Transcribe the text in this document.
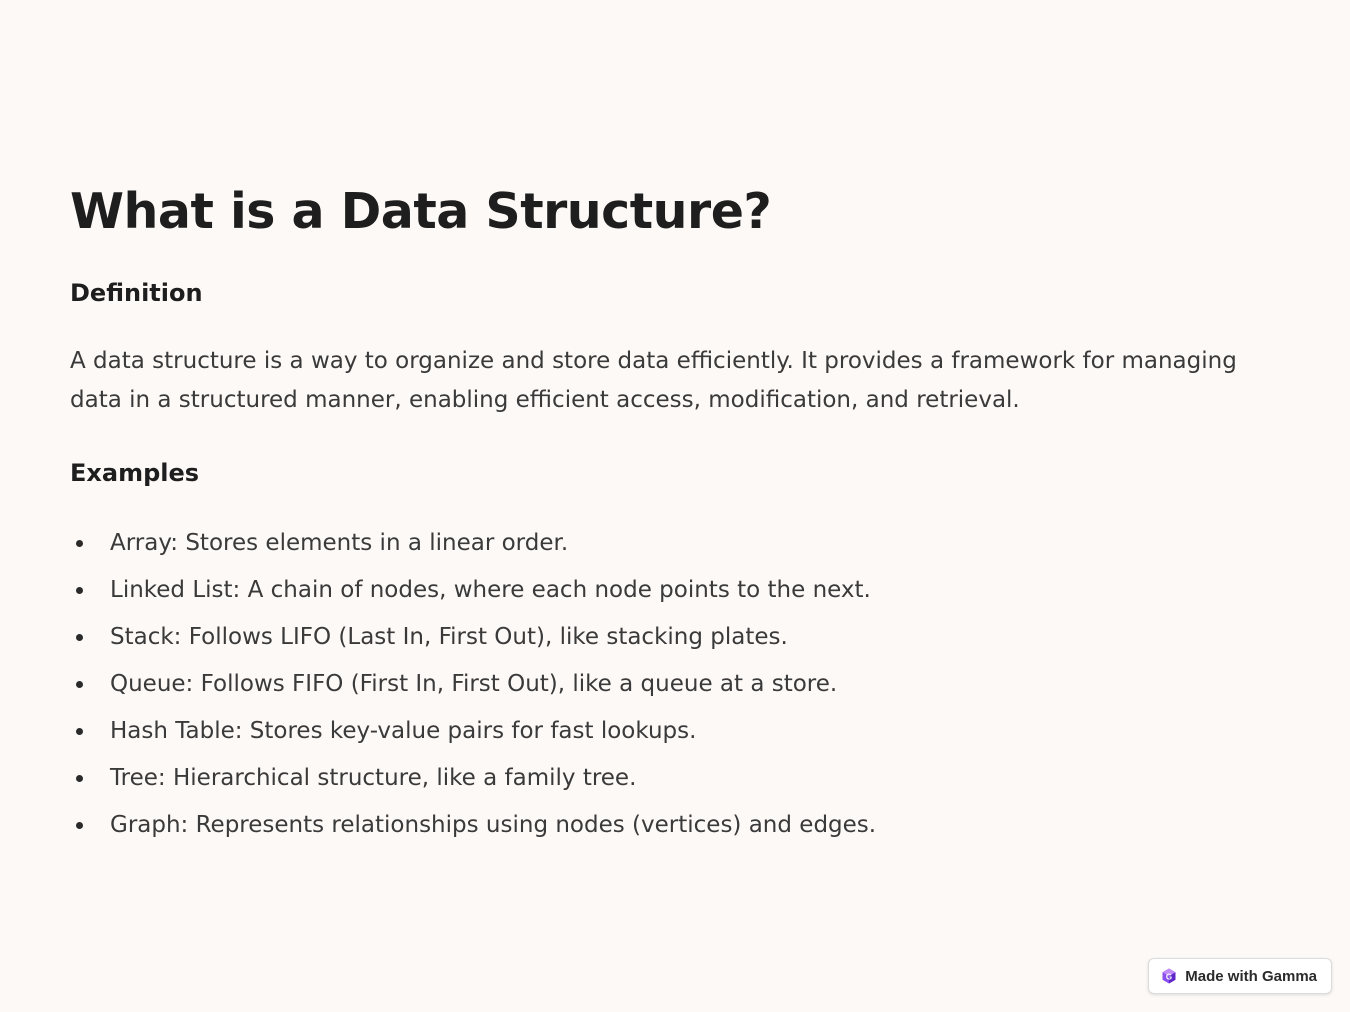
What is a Data Structure?
Definition

A data structure is a way to organize and store data efficiently. It provides a framework for managing data in a structured manner, enabling efficient access, modification, and retrieval.

Examples
Array: Stores elements in a linear order.
Linked List: A chain of nodes, where each node points to the next.
Stack: Follows LIFO (Last In, First Out), like stacking plates.
Queue: Follows FIFO (First In, First Out), like a queue at a store.
Hash Table: Stores key-value pairs for fast lookups.
Tree: Hierarchical structure, like a family tree.
Graph: Represents relationships using nodes (vertices) and edges.
G Made with Gamma
